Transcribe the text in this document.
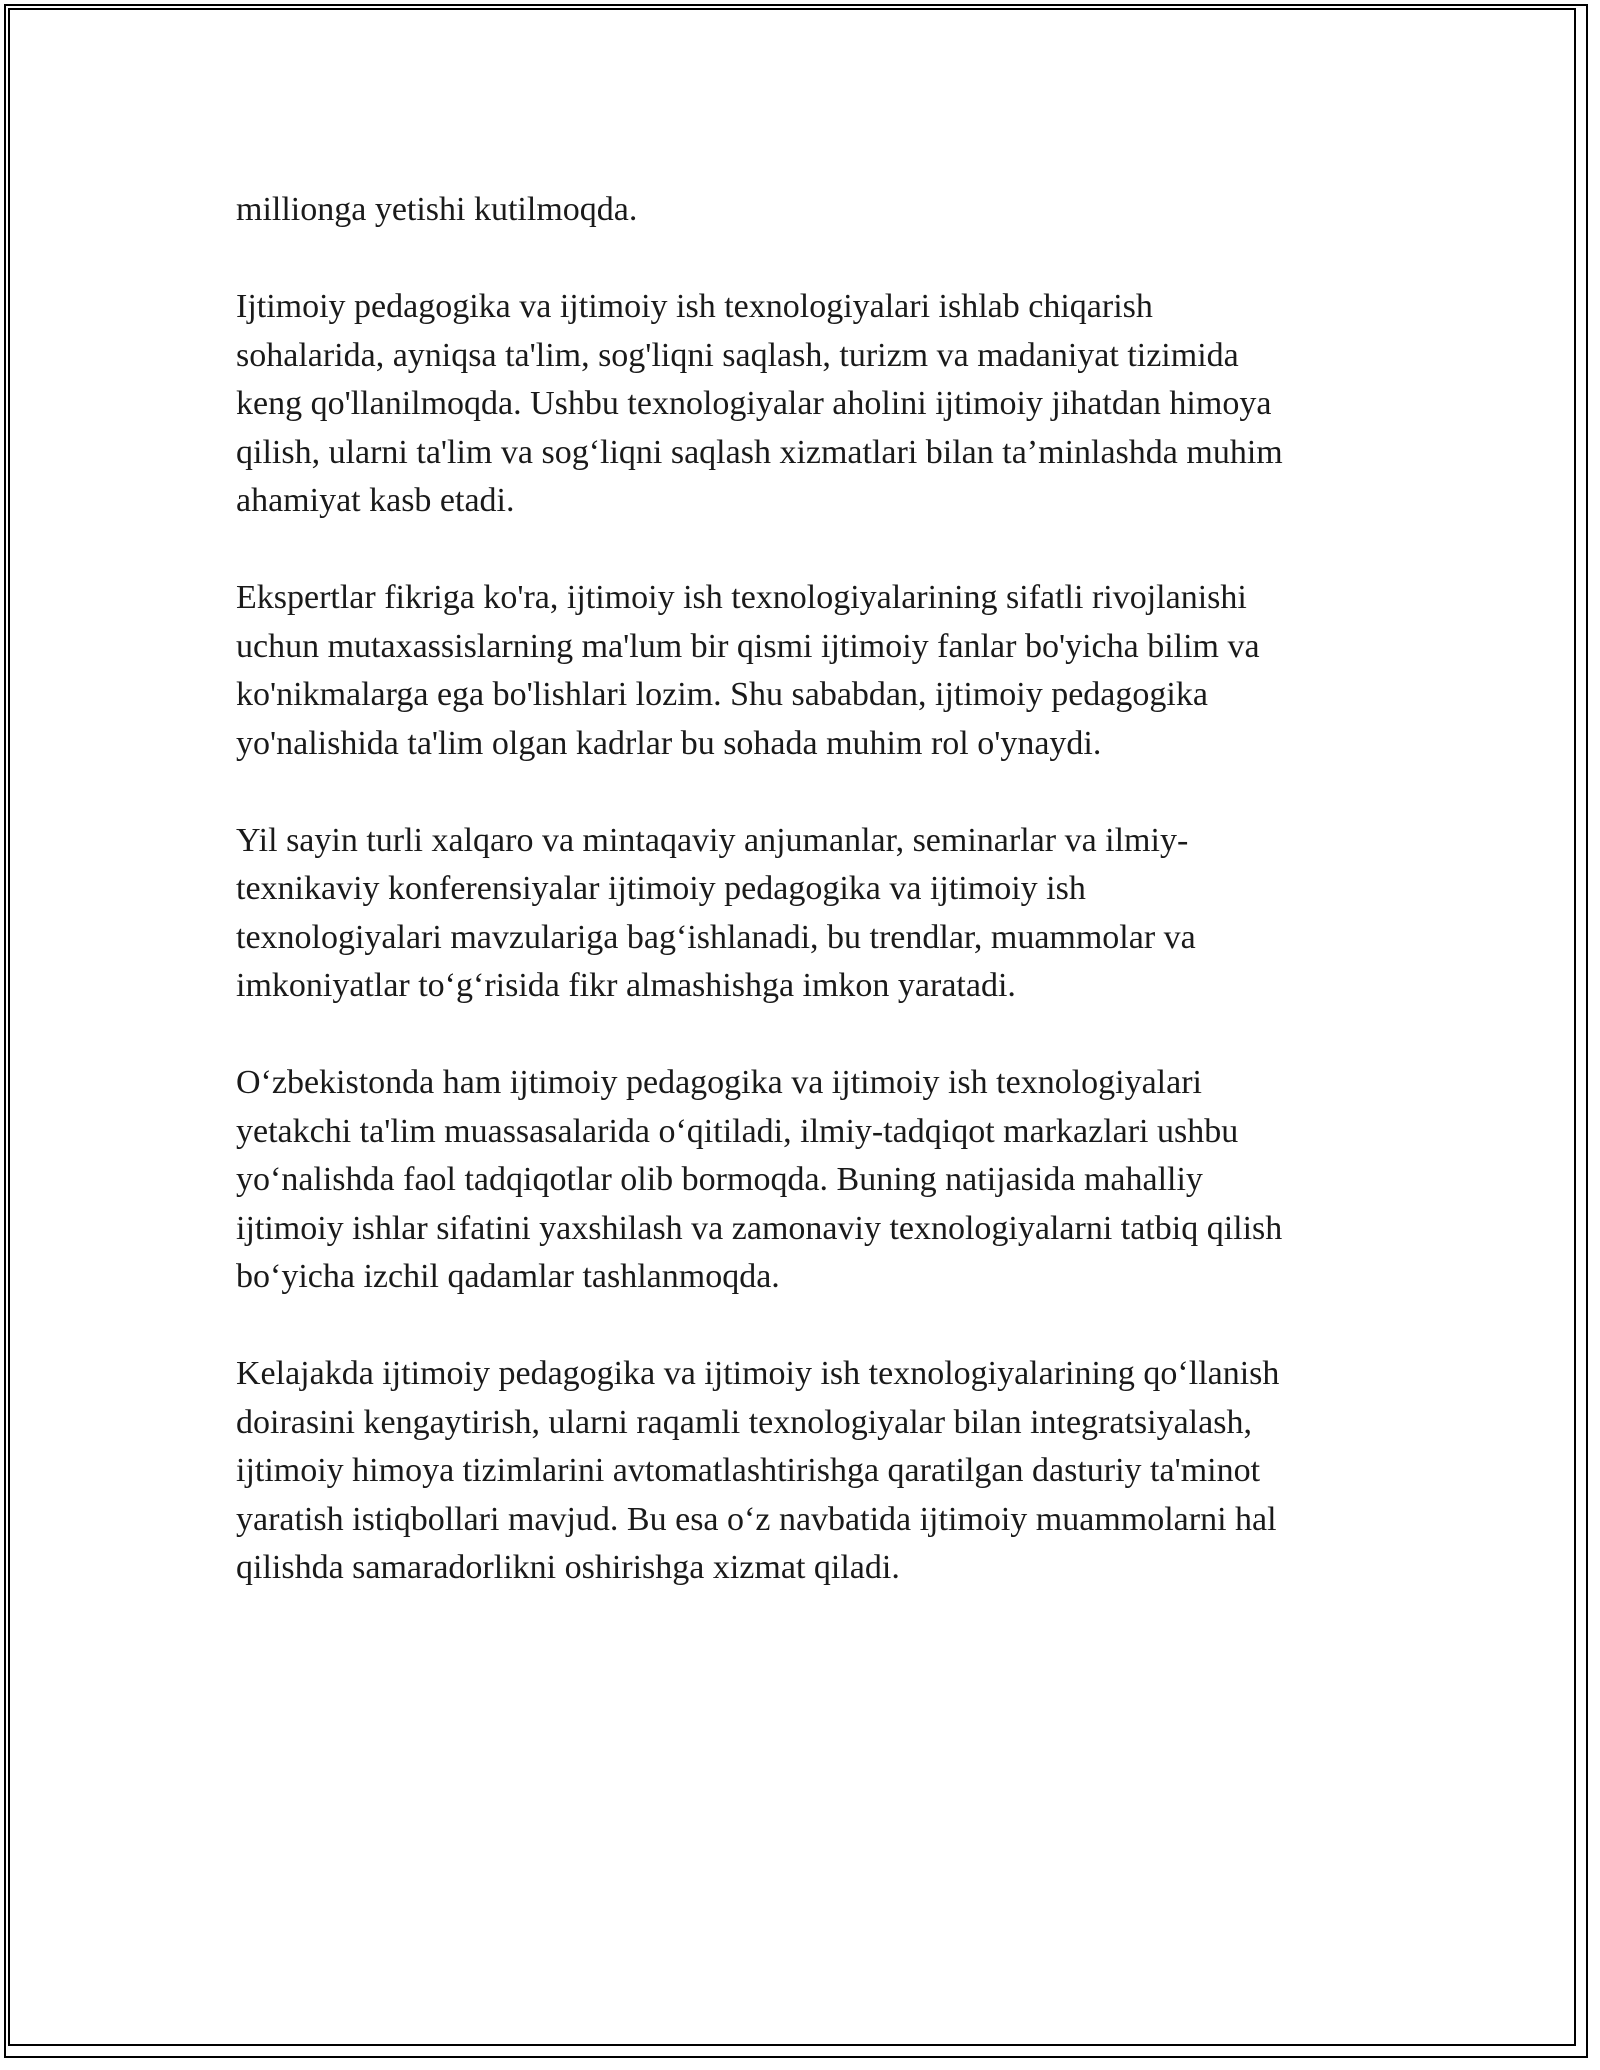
millionga yetishi kutilmoqda.

Ijtimoiy pedagogika va ijtimoiy ish texnologiyalari ishlab chiqarish
sohalarida, ayniqsa ta'lim, sog'liqni saqlash, turizm va madaniyat tizimida
keng qo'llanilmoqda. Ushbu texnologiyalar aholini ijtimoiy jihatdan himoya
qilish, ularni ta'lim va sog‘liqni saqlash xizmatlari bilan ta’minlashda muhim
ahamiyat kasb etadi.

Ekspertlar fikriga ko'ra, ijtimoiy ish texnologiyalarining sifatli rivojlanishi
uchun mutaxassislarning ma'lum bir qismi ijtimoiy fanlar bo'yicha bilim va
ko'nikmalarga ega bo'lishlari lozim. Shu sababdan, ijtimoiy pedagogika
yo'nalishida ta'lim olgan kadrlar bu sohada muhim rol o'ynaydi.

Yil sayin turli xalqaro va mintaqaviy anjumanlar, seminarlar va ilmiy-
texnikaviy konferensiyalar ijtimoiy pedagogika va ijtimoiy ish
texnologiyalari mavzulariga bag‘ishlanadi, bu trendlar, muammolar va
imkoniyatlar to‘g‘risida fikr almashishga imkon yaratadi.

O‘zbekistonda ham ijtimoiy pedagogika va ijtimoiy ish texnologiyalari
yetakchi ta'lim muassasalarida o‘qitiladi, ilmiy-tadqiqot markazlari ushbu
yo‘nalishda faol tadqiqotlar olib bormoqda. Buning natijasida mahalliy
ijtimoiy ishlar sifatini yaxshilash va zamonaviy texnologiyalarni tatbiq qilish
bo‘yicha izchil qadamlar tashlanmoqda.

Kelajakda ijtimoiy pedagogika va ijtimoiy ish texnologiyalarining qo‘llanish
doirasini kengaytirish, ularni raqamli texnologiyalar bilan integratsiyalash,
ijtimoiy himoya tizimlarini avtomatlashtirishga qaratilgan dasturiy ta'minot
yaratish istiqbollari mavjud. Bu esa o‘z navbatida ijtimoiy muammolarni hal
qilishda samaradorlikni oshirishga xizmat qiladi.
